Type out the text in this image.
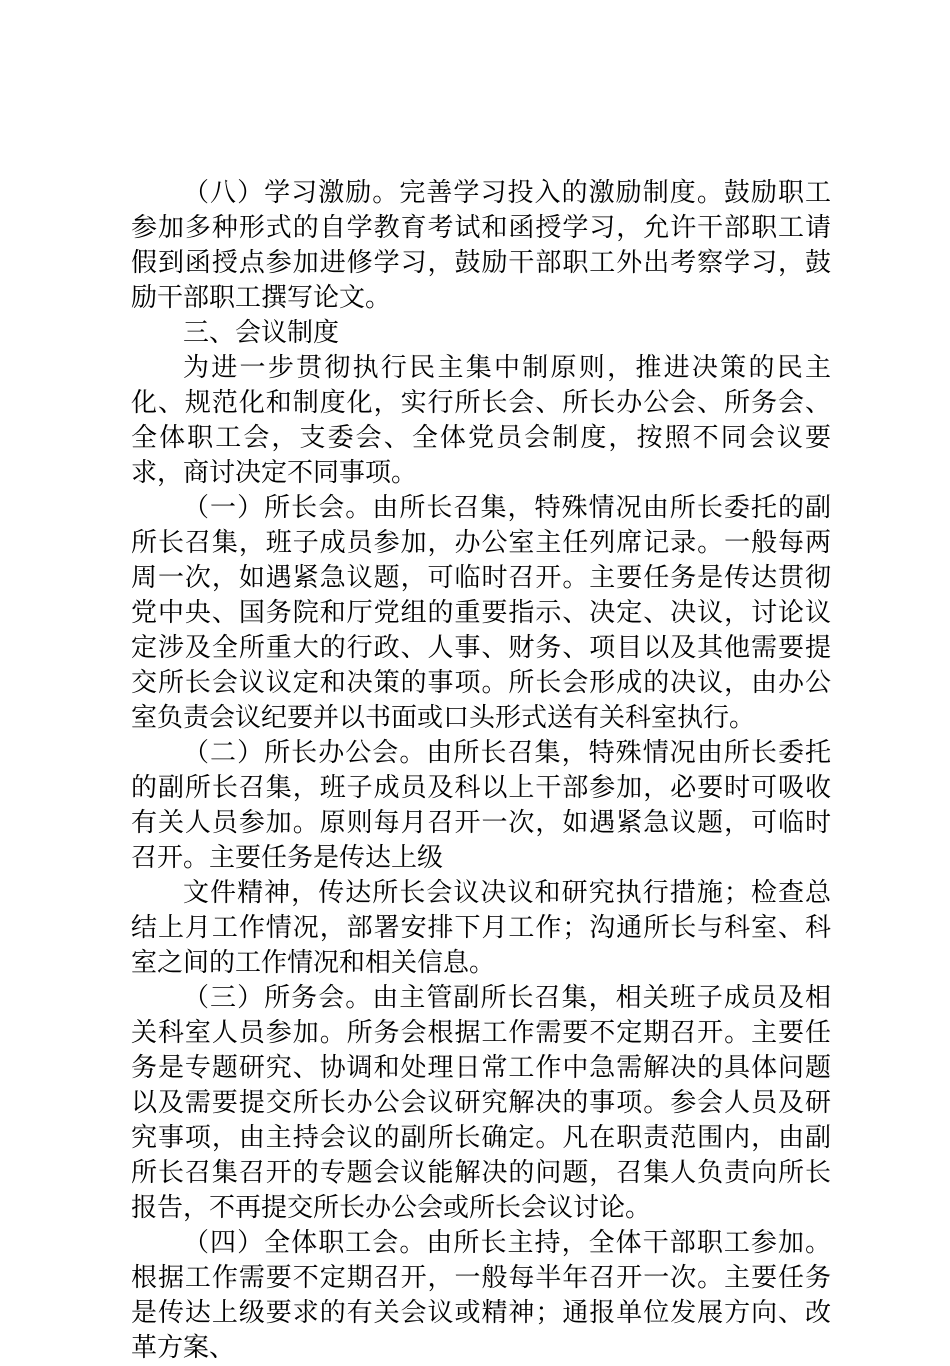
（八）学习激励。完善学习投入的激励制度。鼓励职工参加多种形式的自学教育考试和函授学习，允许干部职工请假到函授点参加进修学习，鼓励干部职工外出考察学习，鼓励干部职工撰写论文。

三、会议制度

为进一步贯彻执行民主集中制原则，推进决策的民主化、规范化和制度化，实行所长会、所长办公会、所务会、全体职工会，支委会、全体党员会制度，按照不同会议要求，商讨决定不同事项。

（一）所长会。由所长召集，特殊情况由所长委托的副所长召集，班子成员参加，办公室主任列席记录。一般每两周一次，如遇紧急议题，可临时召开。主要任务是传达贯彻党中央、国务院和厅党组的重要指示、决定、决议，讨论议定涉及全所重大的行政、人事、财务、项目以及其他需要提交所长会议议定和决策的事项。所长会形成的决议，由办公室负责会议纪要并以书面或口头形式送有关科室执行。

（二）所长办公会。由所长召集，特殊情况由所长委托的副所长召集，班子成员及科以上干部参加，必要时可吸收有关人员参加。原则每月召开一次，如遇紧急议题，可临时召开。主要任务是传达上级

文件精神，传达所长会议决议和研究执行措施；检查总结上月工作情况，部署安排下月工作；沟通所长与科室、科室之间的工作情况和相关信息。

（三）所务会。由主管副所长召集，相关班子成员及相关科室人员参加。所务会根据工作需要不定期召开。主要任务是专题研究、协调和处理日常工作中急需解决的具体问题以及需要提交所长办公会议研究解决的事项。参会人员及研究事项，由主持会议的副所长确定。凡在职责范围内，由副所长召集召开的专题会议能解决的问题，召集人负责向所长报告，不再提交所长办公会或所长会议讨论。

（四）全体职工会。由所长主持，全体干部职工参加。根据工作需要不定期召开，一般每半年召开一次。主要任务是传达上级要求的有关会议或精神；通报单位发展方向、改革方案、
